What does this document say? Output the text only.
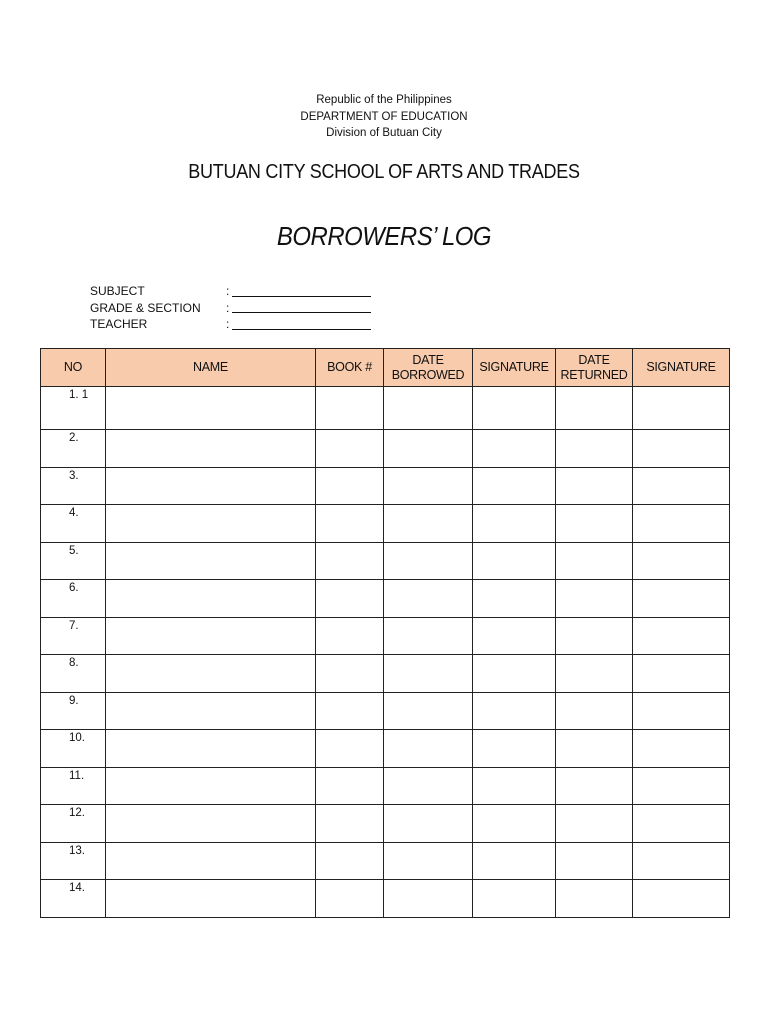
Republic of the Philippines
DEPARTMENT OF EDUCATION
Division of Butuan City
BUTUAN CITY SCHOOL OF ARTS AND TRADES
BORROWERS’ LOG
SUBJECT	:
GRADE & SECTION	:
TEACHER	:
NO	NAME	BOOK #	DATE BORROWED	SIGNATURE	DATE RETURNED	SIGNATURE

1. 1						

2.						

3.						

4.						

5.						

6.						

7.						

8.						

9.						

10.						

11.						

12.						

13.						

14.						
